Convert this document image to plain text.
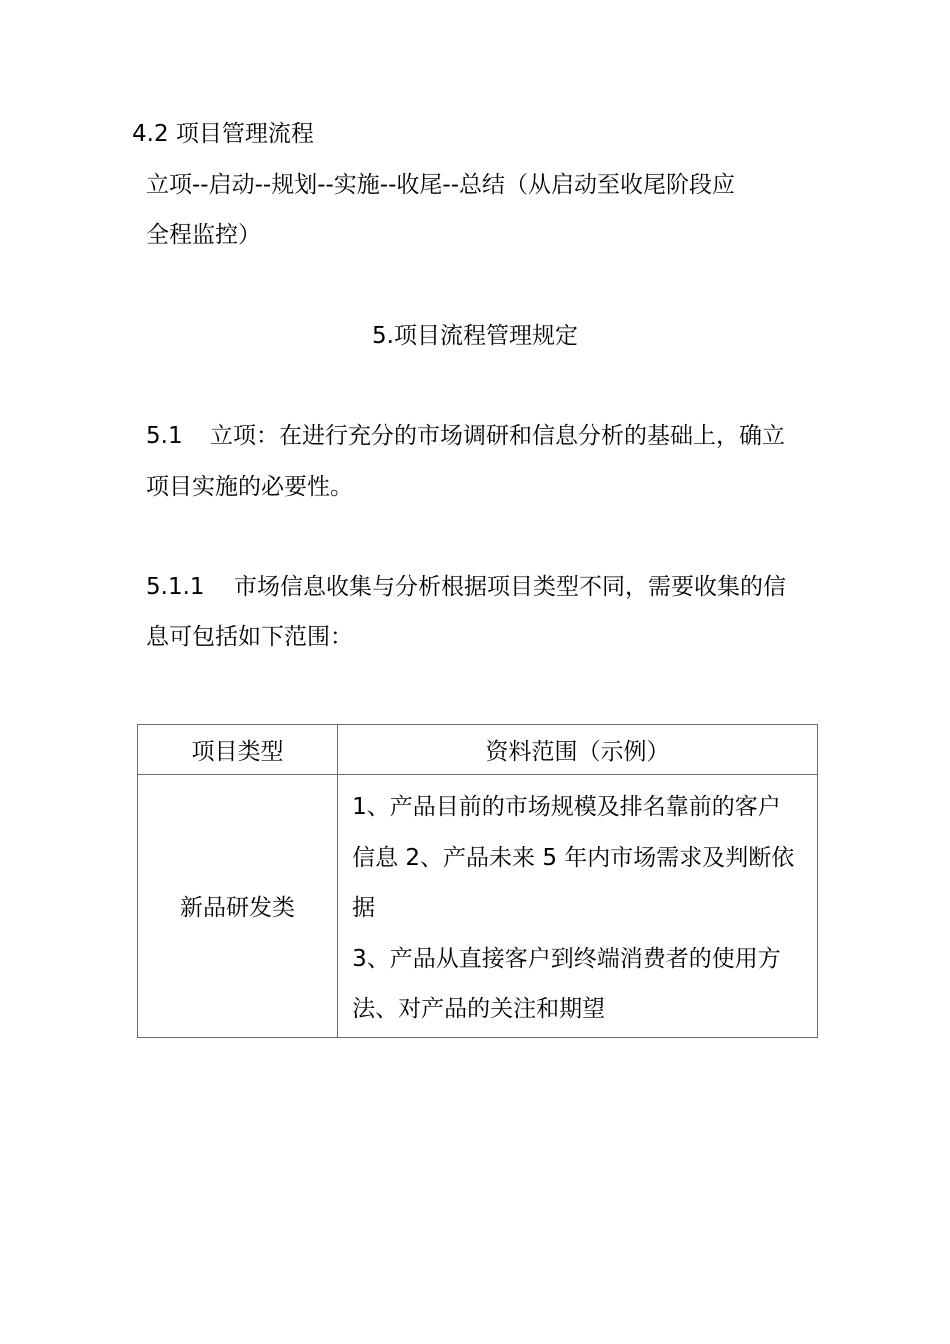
4.2 项目管理流程
立项--启动--规划--实施--收尾--总结（从启动至收尾阶段应
全程监控）
5.项目流程管理规定
5.1 立项：在进行充分的市场调研和信息分析的基础上，确立
项目实施的必要性。
5.1.1 市场信息收集与分析根据项目类型不同，需要收集的信
息可包括如下范围：
项目类型	资料范围（示例）
新品研发类	1、产品目前的市场规模及排名靠前的客户
信息 2、产品未来 5 年内市场需求及判断依
据
3、产品从直接客户到终端消费者的使用方
法、对产品的关注和期望
